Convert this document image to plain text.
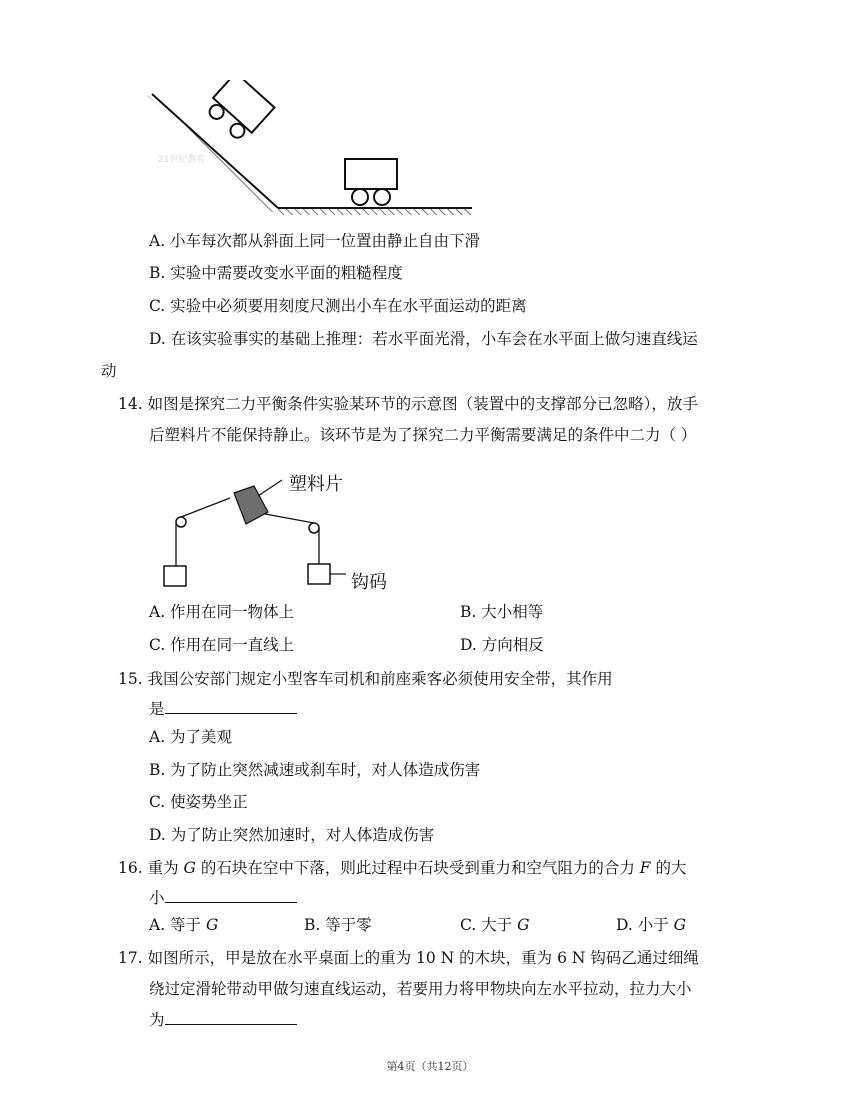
21世纪教育
A. 小车每次都从斜面上同一位置由静止自由下滑
B. 实验中需要改变水平面的粗糙程度
C. 实验中必须要用刻度尺测出小车在水平面运动的距离
D. 在该实验事实的基础上推理：若水平面光滑，小车会在水平面上做匀速直线运
动
14. 如图是探究二力平衡条件实验某环节的示意图（装置中的支撑部分已忽略），放手
后塑料片不能保持静止。该环节是为了探究二力平衡需要满足的条件中二力（ ）
塑料片
钩码
A. 作用在同一物体上	B. 大小相等
C. 作用在同一直线上	D. 方向相反
15. 我国公安部门规定小型客车司机和前座乘客必须使用安全带，其作用
是
A. 为了美观
B. 为了防止突然减速或刹车时，对人体造成伤害
C. 使姿势坐正
D. 为了防止突然加速时，对人体造成伤害
16. 重为 G 的石块在空中下落，则此过程中石块受到重力和空气阻力的合力 F 的大
小
A. 等于 G	B. 等于零	C. 大于 G	D. 小于 G
17. 如图所示，甲是放在水平桌面上的重为 10 N 的木块，重为 6 N 钩码乙通过细绳
绕过定滑轮带动甲做匀速直线运动，若要用力将甲物块向左水平拉动，拉力大小
为
第4页（共12页）
